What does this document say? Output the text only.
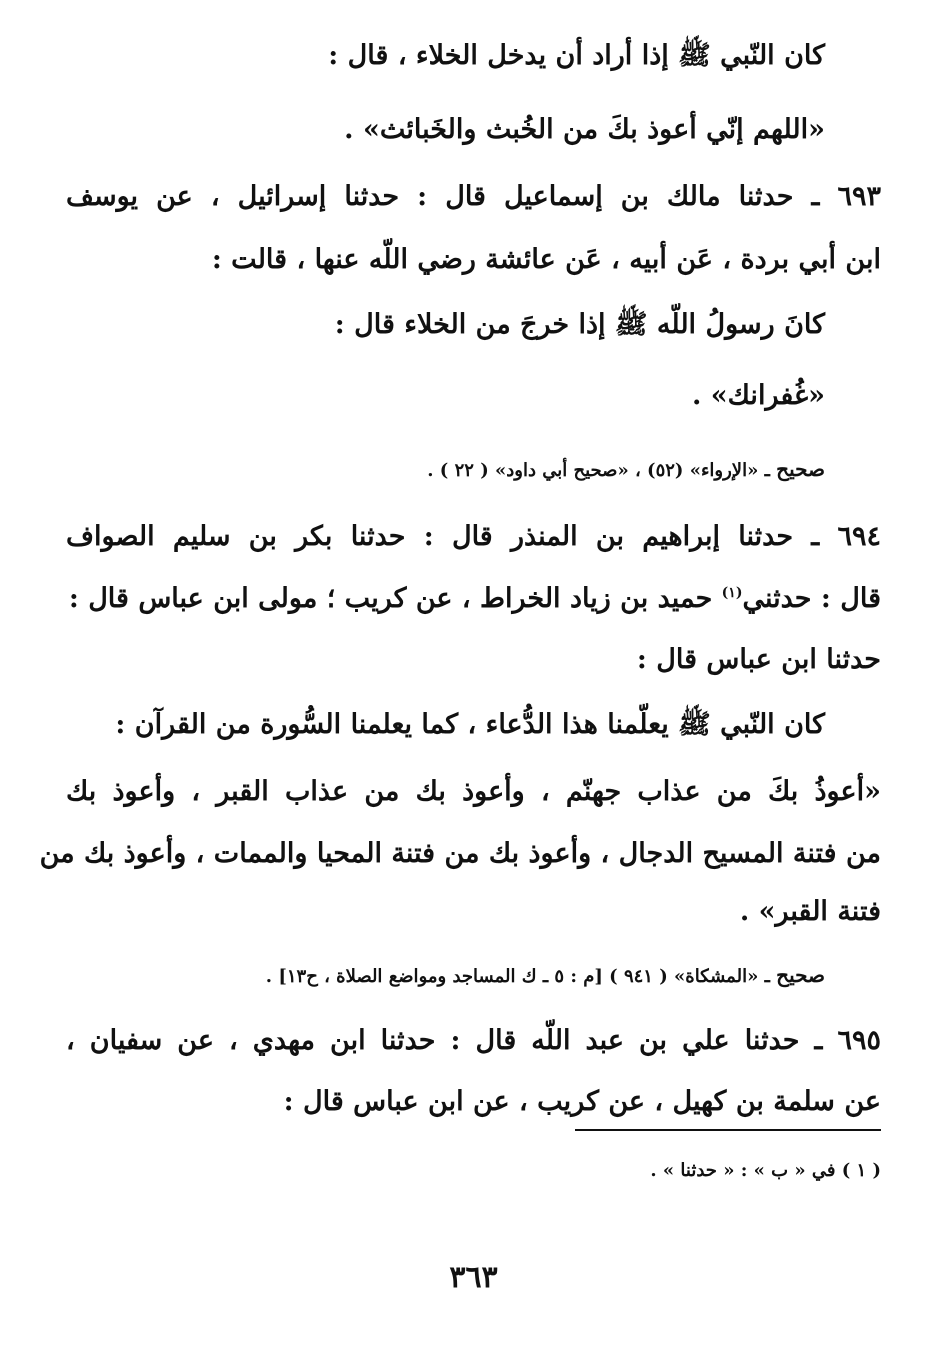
كان النّبي ﷺ إذا أراد أن يدخل الخلاء ، قال :
«اللهم إنّي أعوذ بكَ من الخُبث والخَبائث» .
٦٩٣ ـ حدثنا مالك بن إسماعيل قال : حدثنا إسرائيل ، عن يوسف
ابن أبي بردة ، عَن أبيه ، عَن عائشة رضي اللّه عنها ، قالت :
كانَ رسولُ اللّه ﷺ إذا خرجَ من الخلاء قال :
«غُفرانك» .
صحيح ـ «الإرواء» (٥٢) ، «صحيح أبي داود» ( ٢٢ ) .
٦٩٤ ـ حدثنا إبراهيم بن المنذر قال : حدثنا بكر بن سليم الصواف
قال : حدثني$^{(١)}$ حميد بن زياد الخراط ، عن كريب ؛ مولى ابن عباس قال :
حدثنا ابن عباس قال :
كان النّبي ﷺ يعلّمنا هذا الدُّعاء ، كما يعلمنا السُّورة من القرآن :
«أعوذُ بكَ من عذاب جهنّم ، وأعوذ بك من عذاب القبر ، وأعوذ بك
من فتنة المسيح الدجال ، وأعوذ بك من فتنة المحيا والممات ، وأعوذ بك من
فتنة القبر» .
صحيح ـ «المشكاة» ( ٩٤١ ) [م : ٥ ـ ك المساجد ومواضع الصلاة ، ح١٣] .
٦٩٥ ـ حدثنا علي بن عبد اللّه قال : حدثنا ابن مهدي ، عن سفيان ،
عن سلمة بن كهيل ، عن كريب ، عن ابن عباس قال :
( ١ ) في « ب » : « حدثنا » .
٣٦٣
